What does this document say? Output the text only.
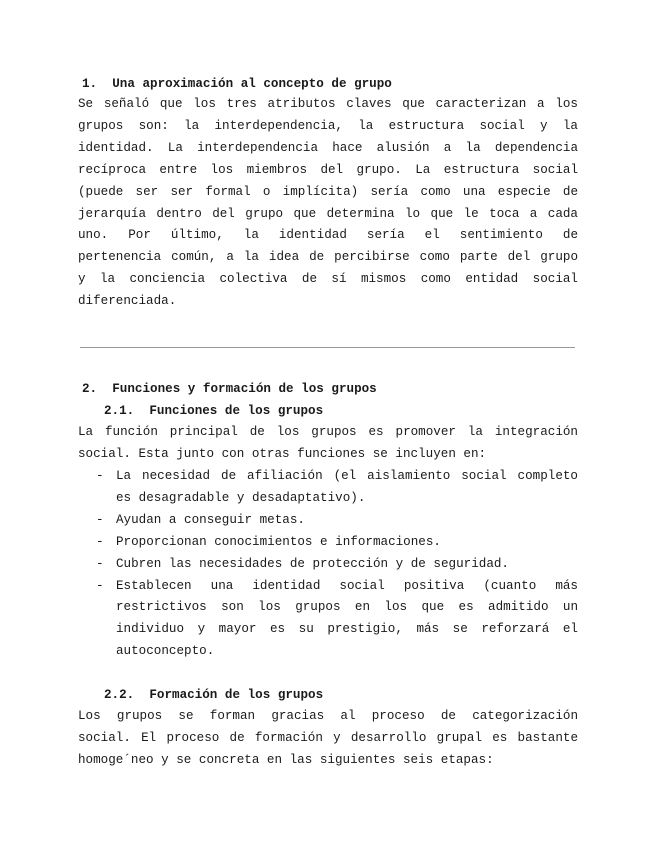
1.  Una aproximación al concepto de grupo
Se señaló que los tres atributos claves que caracterizan a los
grupos son: la interdependencia, la estructura social y la
identidad. La interdependencia hace alusión a la dependencia
recíproca entre los miembros del grupo. La estructura social
(puede ser ser formal o implícita) sería como una especie de
jerarquía dentro del grupo que determina lo que le toca a cada
uno. Por último, la identidad sería el sentimiento de
pertenencia común, a la idea de percibirse como parte del grupo
y la conciencia colectiva de sí mismos como entidad social
diferenciada.
2.  Funciones y formación de los grupos
2.1.  Funciones de los grupos
La función principal de los grupos es promover la integración
social. Esta junto con otras funciones se incluyen en:
- La necesidad de afiliación (el aislamiento social completo
es desagradable y desadaptativo).
- Ayudan a conseguir metas.
- Proporcionan conocimientos e informaciones.
- Cubren las necesidades de protección y de seguridad.
- Establecen una identidad social positiva (cuanto más
restrictivos son los grupos en los que es admitido un
individuo y mayor es su prestigio, más se reforzará el
autoconcepto.
2.2.  Formación de los grupos
Los grupos se forman gracias al proceso de categorización
social. El proceso de formación y desarrollo grupal es bastante
homoge´neo y se concreta en las siguientes seis etapas:
